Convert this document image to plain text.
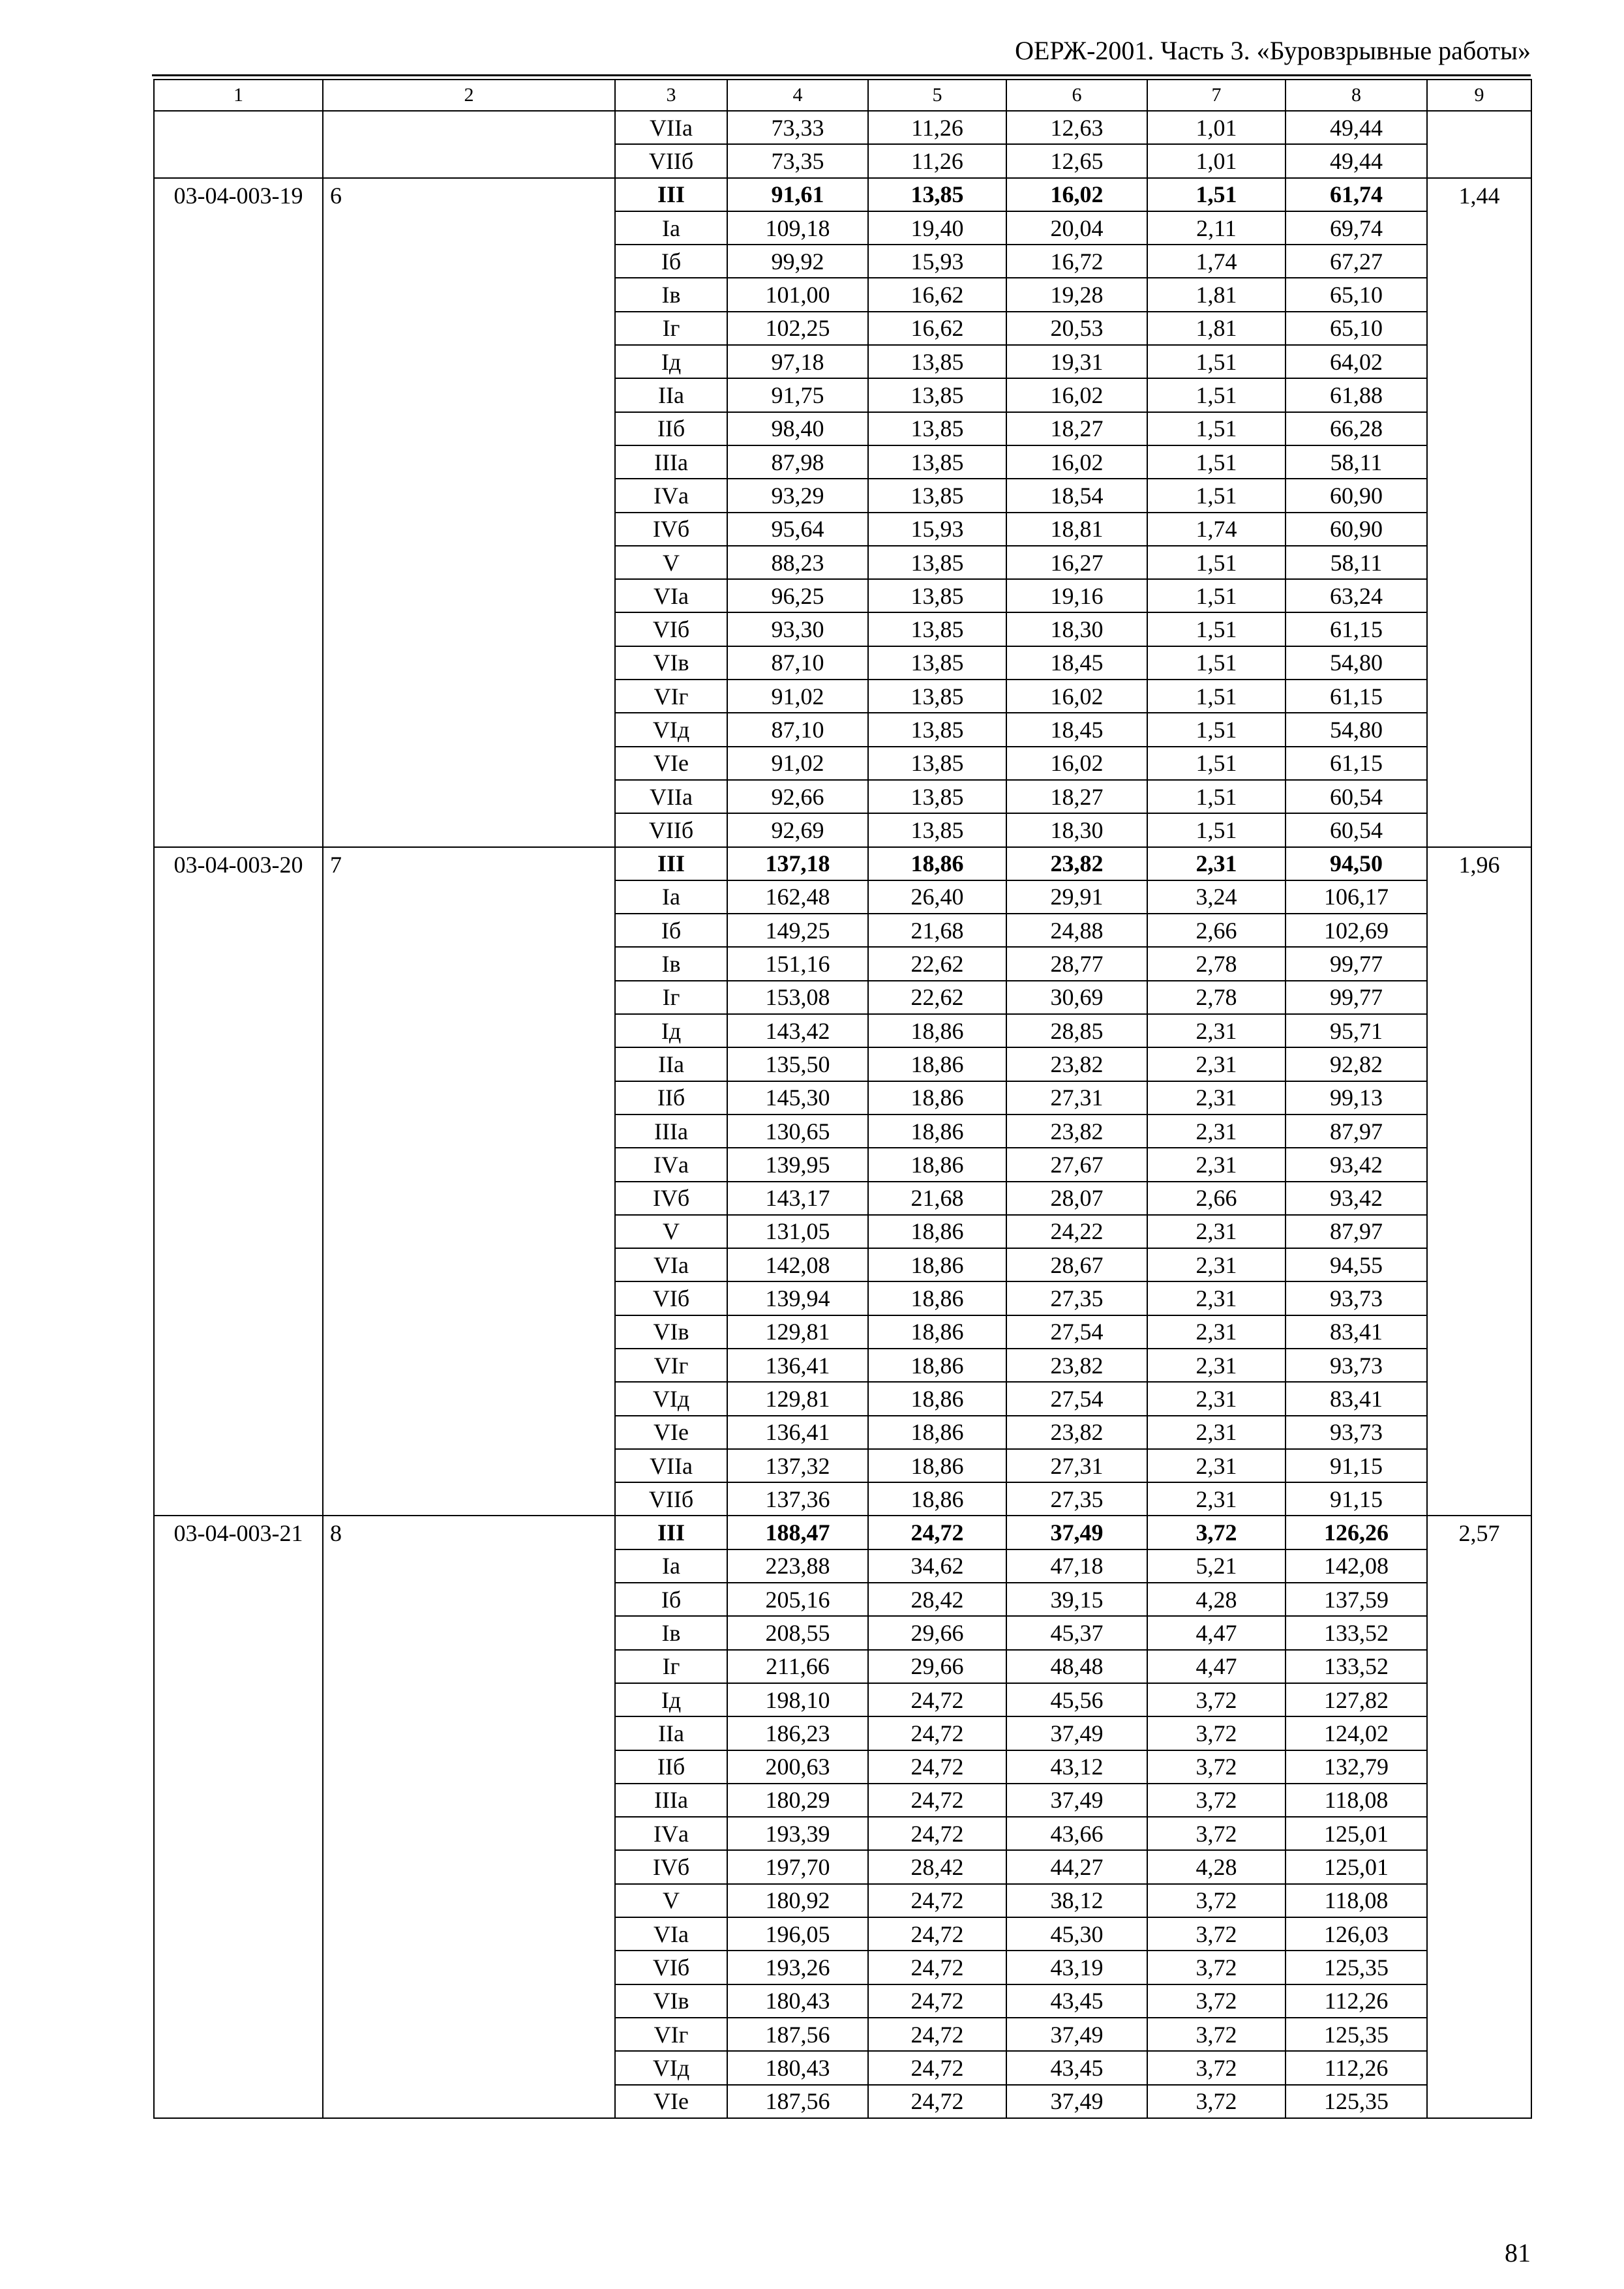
ОЕРЖ-2001. Часть 3. «Буровзрывные работы»
1	2	3	4	5	6	7	8	9
		VIIа	73,33	11,26	12,63	1,01	49,44	
		VIIб	73,35	11,26	12,65	1,01	49,44	
03-04-003-19	6	III	91,61	13,85	16,02	1,51	61,74	1,44
		Iа	109,18	19,40	20,04	2,11	69,74	
		Iб	99,92	15,93	16,72	1,74	67,27	
		Iв	101,00	16,62	19,28	1,81	65,10	
		Iг	102,25	16,62	20,53	1,81	65,10	
		Iд	97,18	13,85	19,31	1,51	64,02	
		IIа	91,75	13,85	16,02	1,51	61,88	
		IIб	98,40	13,85	18,27	1,51	66,28	
		IIIа	87,98	13,85	16,02	1,51	58,11	
		IVа	93,29	13,85	18,54	1,51	60,90	
		IVб	95,64	15,93	18,81	1,74	60,90	
		V	88,23	13,85	16,27	1,51	58,11	
		VIа	96,25	13,85	19,16	1,51	63,24	
		VIб	93,30	13,85	18,30	1,51	61,15	
		VIв	87,10	13,85	18,45	1,51	54,80	
		VIг	91,02	13,85	16,02	1,51	61,15	
		VIд	87,10	13,85	18,45	1,51	54,80	
		VIе	91,02	13,85	16,02	1,51	61,15	
		VIIа	92,66	13,85	18,27	1,51	60,54	
		VIIб	92,69	13,85	18,30	1,51	60,54	
03-04-003-20	7	III	137,18	18,86	23,82	2,31	94,50	1,96
		Iа	162,48	26,40	29,91	3,24	106,17	
		Iб	149,25	21,68	24,88	2,66	102,69	
		Iв	151,16	22,62	28,77	2,78	99,77	
		Iг	153,08	22,62	30,69	2,78	99,77	
		Iд	143,42	18,86	28,85	2,31	95,71	
		IIа	135,50	18,86	23,82	2,31	92,82	
		IIб	145,30	18,86	27,31	2,31	99,13	
		IIIа	130,65	18,86	23,82	2,31	87,97	
		IVа	139,95	18,86	27,67	2,31	93,42	
		IVб	143,17	21,68	28,07	2,66	93,42	
		V	131,05	18,86	24,22	2,31	87,97	
		VIа	142,08	18,86	28,67	2,31	94,55	
		VIб	139,94	18,86	27,35	2,31	93,73	
		VIв	129,81	18,86	27,54	2,31	83,41	
		VIг	136,41	18,86	23,82	2,31	93,73	
		VIд	129,81	18,86	27,54	2,31	83,41	
		VIе	136,41	18,86	23,82	2,31	93,73	
		VIIа	137,32	18,86	27,31	2,31	91,15	
		VIIб	137,36	18,86	27,35	2,31	91,15	
03-04-003-21	8	III	188,47	24,72	37,49	3,72	126,26	2,57
		Iа	223,88	34,62	47,18	5,21	142,08	
		Iб	205,16	28,42	39,15	4,28	137,59	
		Iв	208,55	29,66	45,37	4,47	133,52	
		Iг	211,66	29,66	48,48	4,47	133,52	
		Iд	198,10	24,72	45,56	3,72	127,82	
		IIа	186,23	24,72	37,49	3,72	124,02	
		IIб	200,63	24,72	43,12	3,72	132,79	
		IIIа	180,29	24,72	37,49	3,72	118,08	
		IVа	193,39	24,72	43,66	3,72	125,01	
		IVб	197,70	28,42	44,27	4,28	125,01	
		V	180,92	24,72	38,12	3,72	118,08	
		VIа	196,05	24,72	45,30	3,72	126,03	
		VIб	193,26	24,72	43,19	3,72	125,35	
		VIв	180,43	24,72	43,45	3,72	112,26	
		VIг	187,56	24,72	37,49	3,72	125,35	
		VIд	180,43	24,72	43,45	3,72	112,26	
		VIе	187,56	24,72	37,49	3,72	125,35	
81
